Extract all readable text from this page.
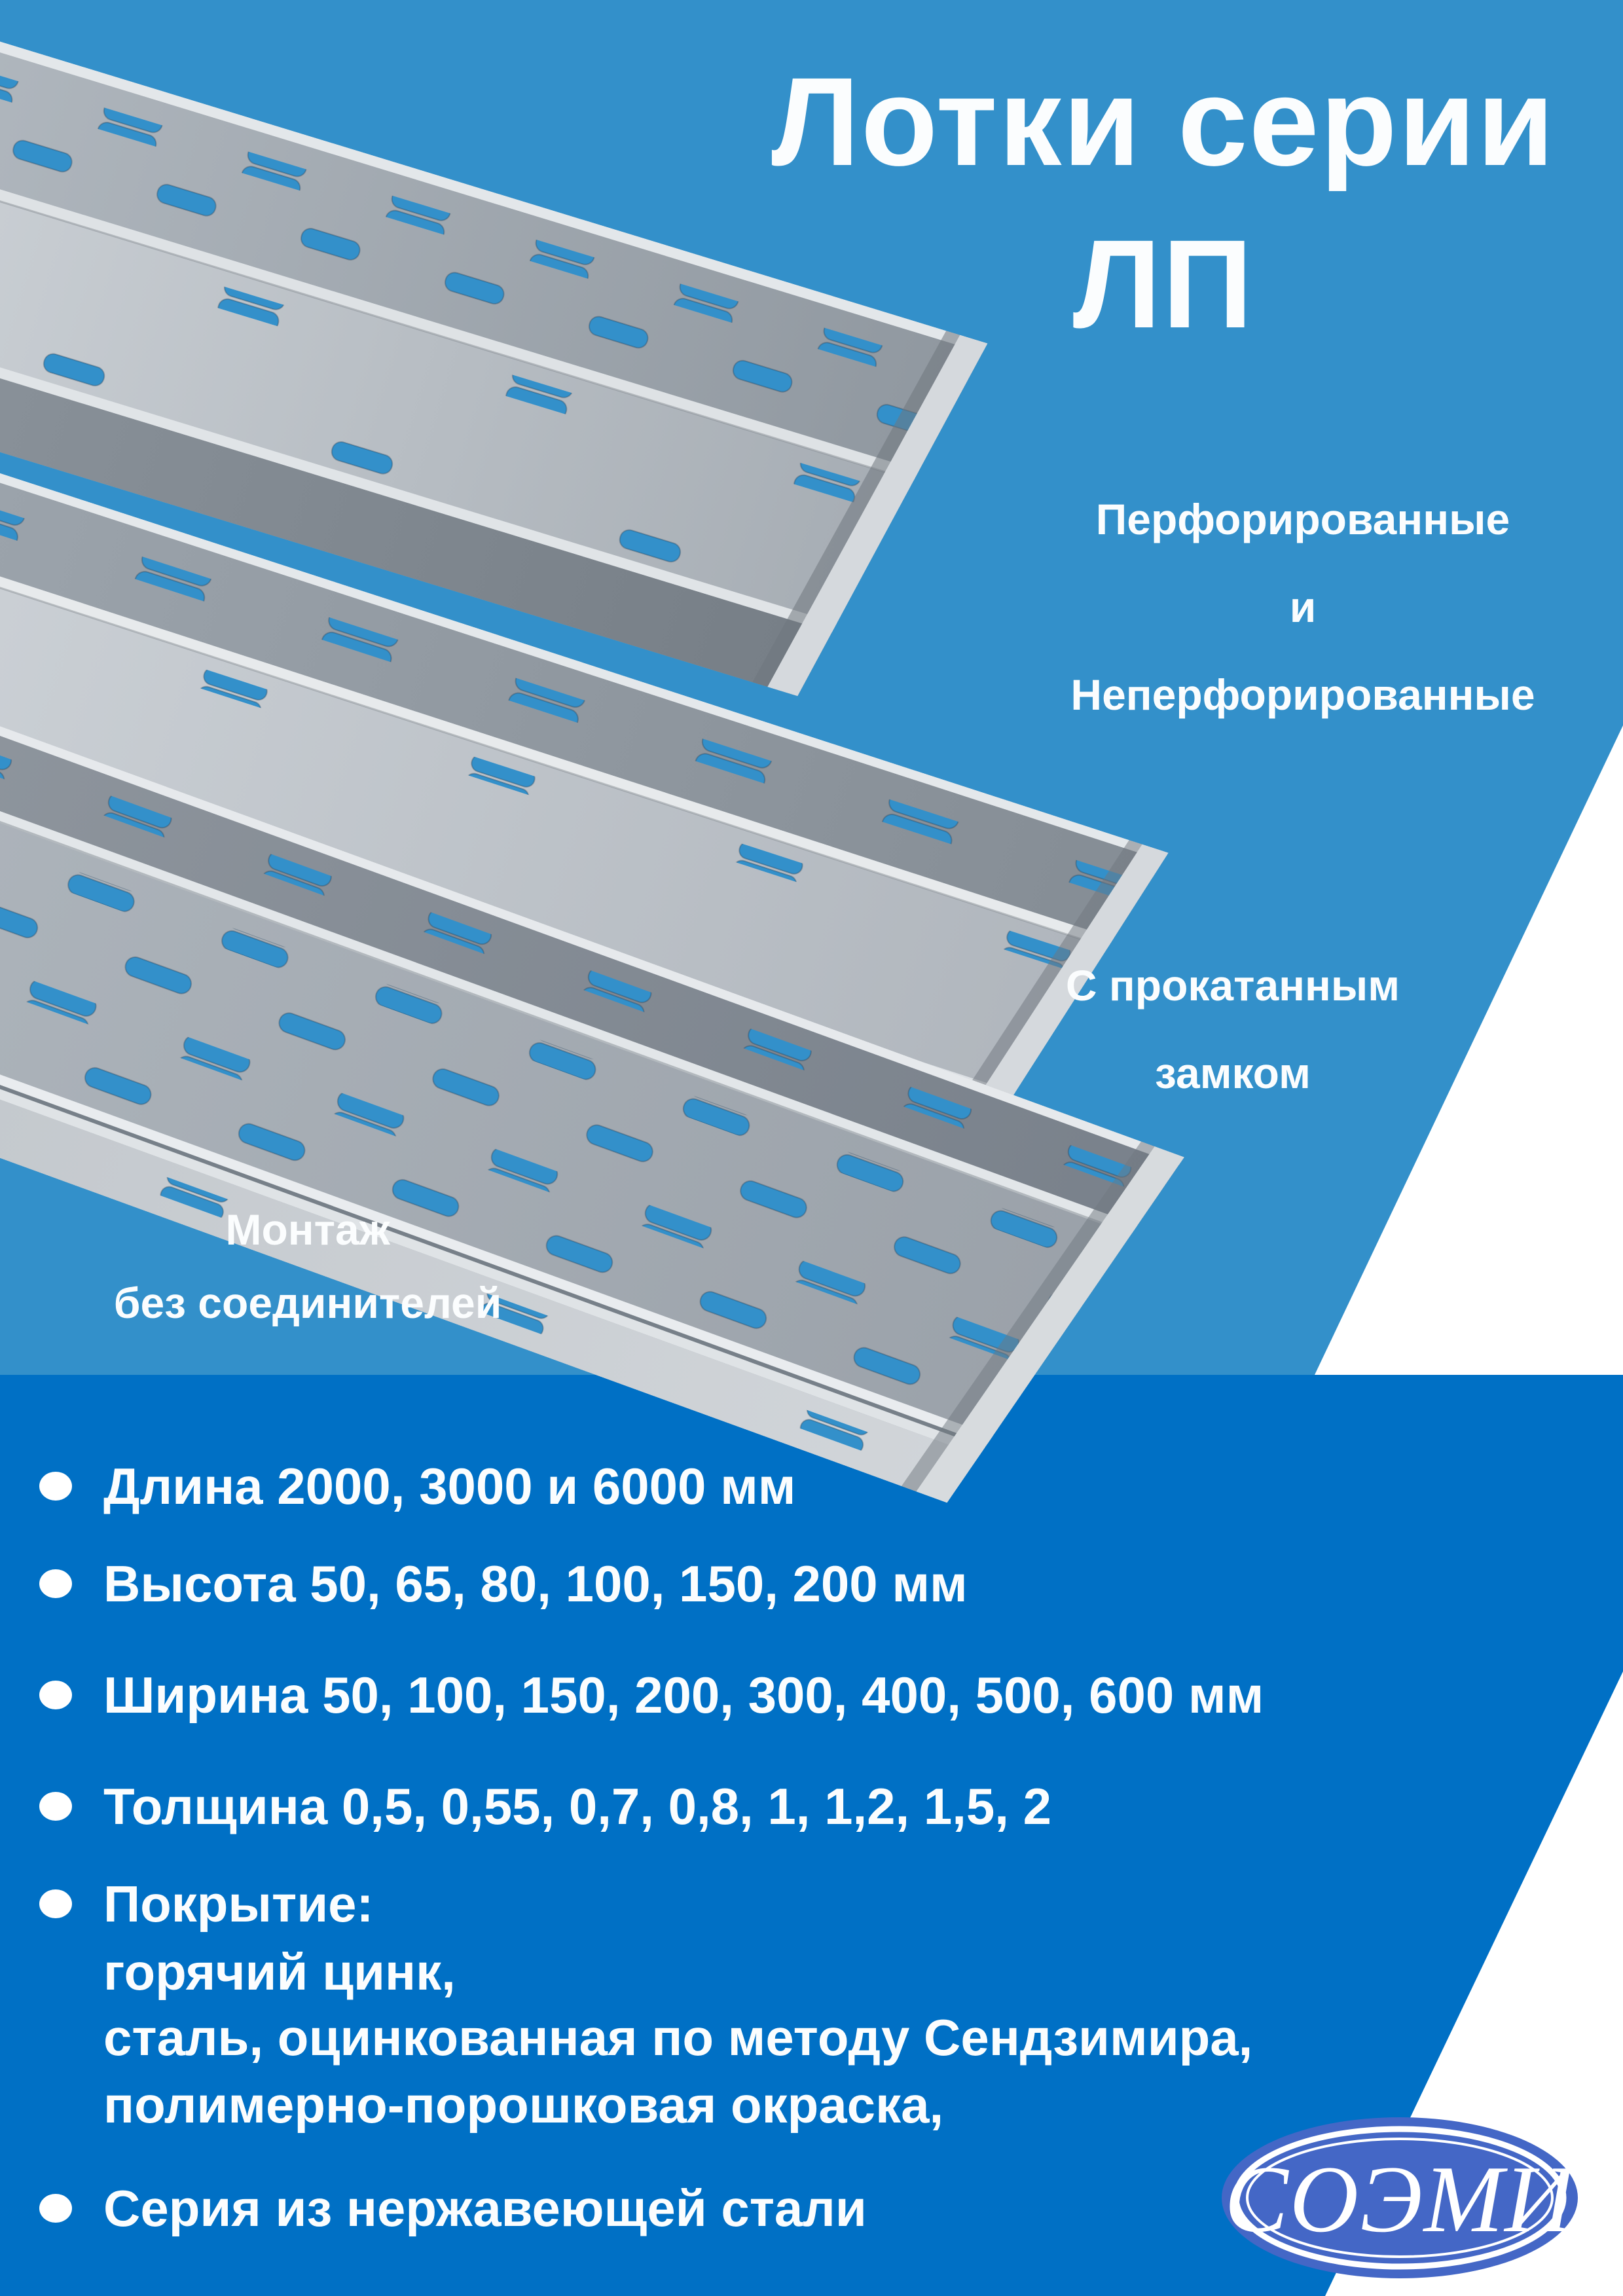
Лотки серии
ЛП
Перфорированные
и
Неперфорированные
С прокатанным
замком
Монтаж
без соединителей
Длина 2000, 3000 и 6000 мм
Высота 50, 65, 80, 100, 150, 200 мм
Ширина 50, 100, 150, 200, 300, 400, 500, 600 мм
Толщина 0,5, 0,55, 0,7, 0,8, 1, 1,2, 1,5, 2
Покрытие:
горячий цинк,
сталь, оцинкованная по методу Сендзимира,
полимерно-порошковая окраска,
Серия из нержавеющей стали	СОЭМИ
